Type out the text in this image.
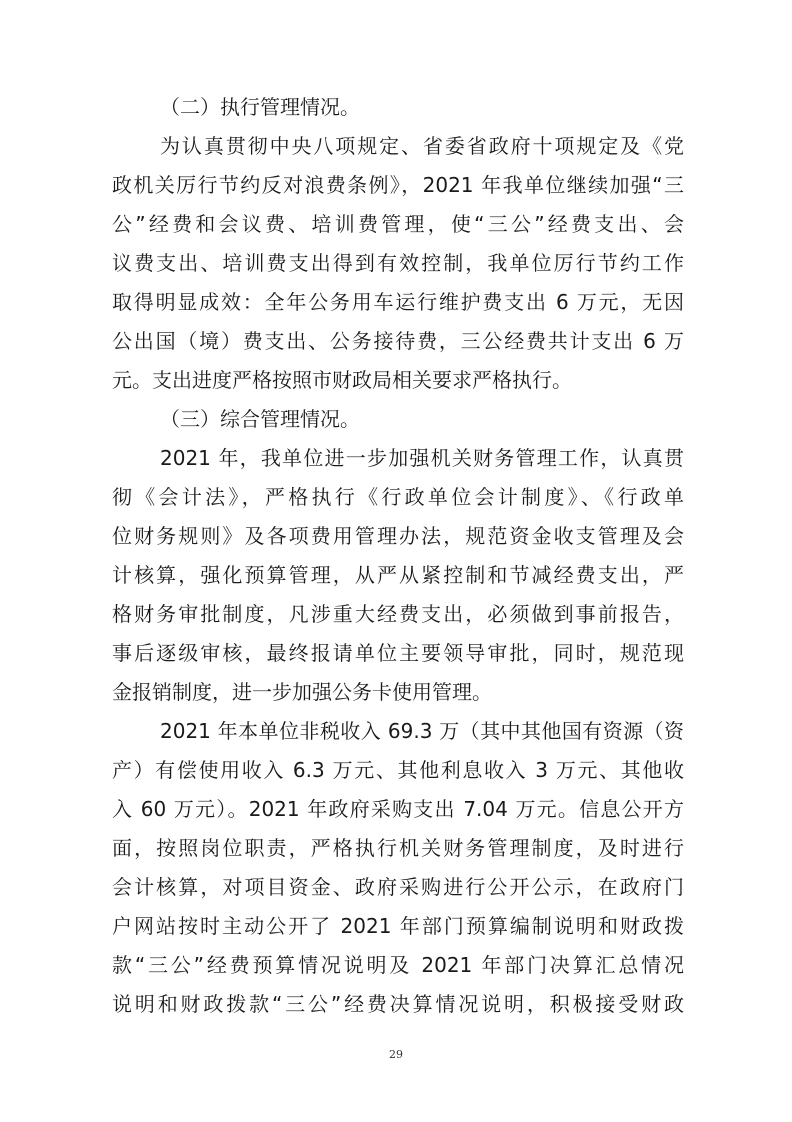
（二）执行管理情况。
为认真贯彻中央八项规定、省委省政府十项规定及《党
政机关厉行节约反对浪费条例》，2021 年我单位继续加强“三
公”经费和会议费、培训费管理，使“三公”经费支出、会
议费支出、培训费支出得到有效控制，我单位厉行节约工作
取得明显成效：全年公务用车运行维护费支出 6 万元，无因
公出国（境）费支出、公务接待费，三公经费共计支出 6 万
元。支出进度严格按照市财政局相关要求严格执行。
（三）综合管理情况。
2021 年，我单位进一步加强机关财务管理工作，认真贯
彻《会计法》，严格执行《行政单位会计制度》、《行政单
位财务规则》及各项费用管理办法，规范资金收支管理及会
计核算，强化预算管理，从严从紧控制和节减经费支出，严
格财务审批制度，凡涉重大经费支出，必须做到事前报告，
事后逐级审核，最终报请单位主要领导审批，同时，规范现
金报销制度，进一步加强公务卡使用管理。
2021 年本单位非税收入 69.3 万（其中其他国有资源（资
产）有偿使用收入 6.3 万元、其他利息收入 3 万元、其他收
入 60 万元）。2021 年政府采购支出 7.04 万元。信息公开方
面，按照岗位职责，严格执行机关财务管理制度，及时进行
会计核算，对项目资金、政府采购进行公开公示，在政府门
户网站按时主动公开了 2021 年部门预算编制说明和财政拨
款“三公”经费预算情况说明及 2021 年部门决算汇总情况
说明和财政拨款“三公”经费决算情况说明，积极接受财政
29
